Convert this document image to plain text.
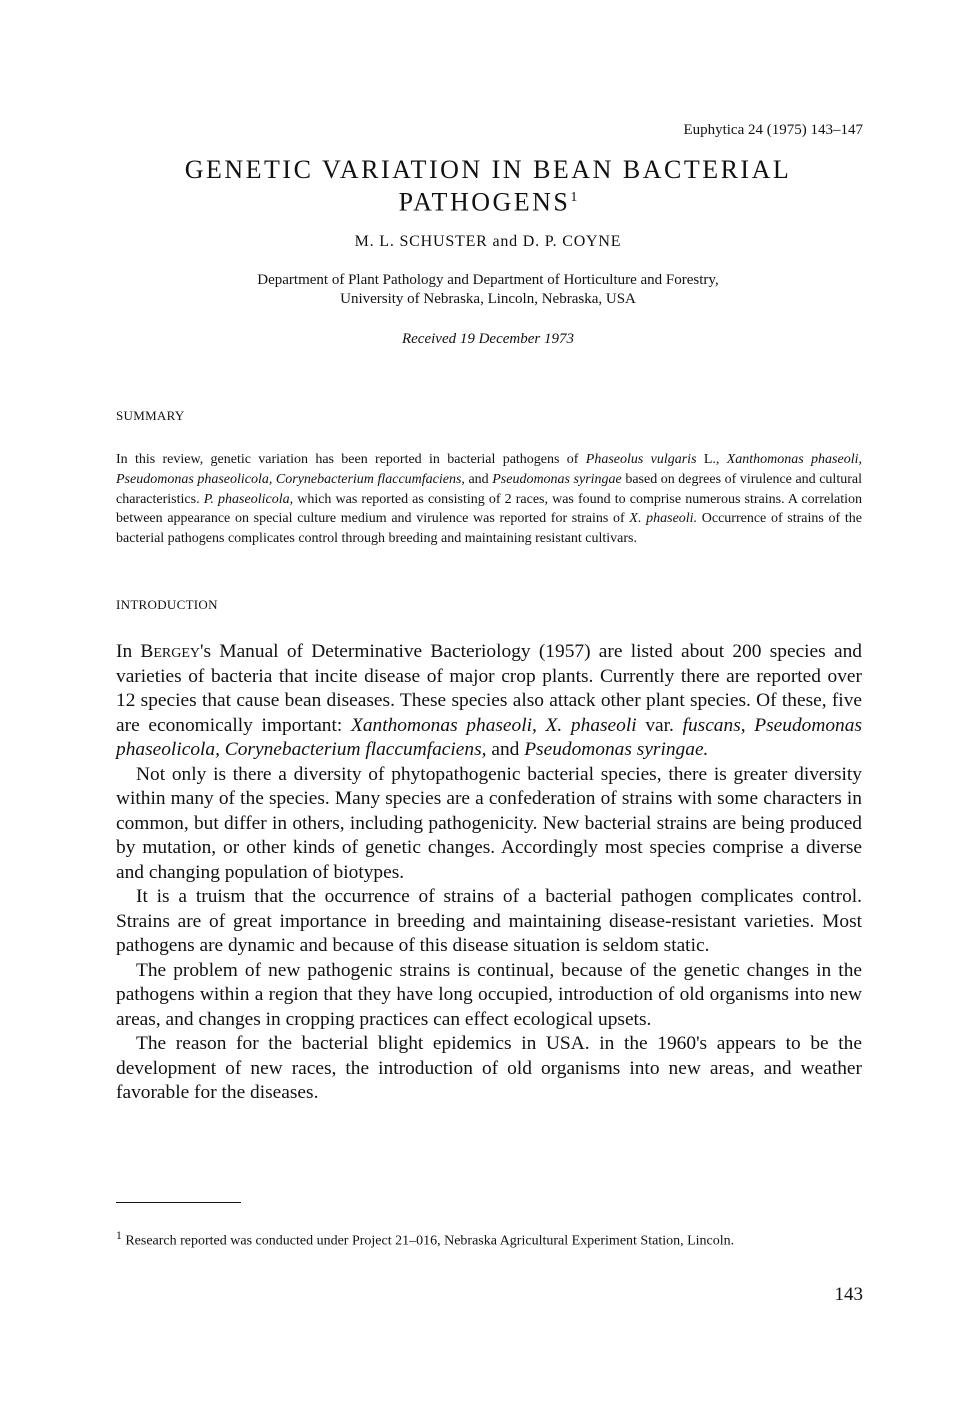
Euphytica 24 (1975) 143–147
GENETIC VARIATION IN BEAN BACTERIAL
PATHOGENS$^1$
M. L. SCHUSTER and D. P. COYNE
Department of Plant Pathology and Department of Horticulture and Forestry,
University of Nebraska, Lincoln, Nebraska, USA
Received 19 December 1973
SUMMARY

In this review, genetic variation has been reported in bacterial pathogens of Phaseolus vulgaris L., Xanthomonas phaseoli, Pseudomonas phaseolicola, Corynebacterium flaccumfaciens, and Pseudomonas syringae based on degrees of virulence and cultural characteristics. P. phaseolicola, which was reported as consisting of 2 races, was found to comprise numerous strains. A correlation between appearance on special culture medium and virulence was reported for strains of X. phaseoli. Occurrence of strains of the bacterial pathogens complicates control through breeding and maintaining resistant cultivars.

INTRODUCTION

In Bergey's Manual of Determinative Bacteriology (1957) are listed about 200 species and varieties of bacteria that incite disease of major crop plants. Currently there are reported over 12 species that cause bean diseases. These species also attack other plant species. Of these, five are economically important: Xanthomonas phaseoli, X. phaseoli var. fuscans, Pseudomonas phaseolicola, Corynebacterium flaccumfaciens, and Pseudomonas syringae.

Not only is there a diversity of phytopathogenic bacterial species, there is greater diversity within many of the species. Many species are a confederation of strains with some characters in common, but differ in others, including pathogenicity. New bacterial strains are being produced by mutation, or other kinds of genetic changes. Accordingly most species comprise a diverse and changing population of biotypes.

It is a truism that the occurrence of strains of a bacterial pathogen complicates control. Strains are of great importance in breeding and maintaining disease-resistant varieties. Most pathogens are dynamic and because of this disease situation is seldom static.

The problem of new pathogenic strains is continual, because of the genetic changes in the pathogens within a region that they have long occupied, introduction of old organisms into new areas, and changes in cropping practices can effect ecological upsets.

The reason for the bacterial blight epidemics in USA. in the 1960's appears to be the development of new races, the introduction of old organisms into new areas, and weather favorable for the diseases.

$^1$ Research reported was conducted under Project 21–016, Nebraska Agricultural Experiment Station, Lincoln.

143
